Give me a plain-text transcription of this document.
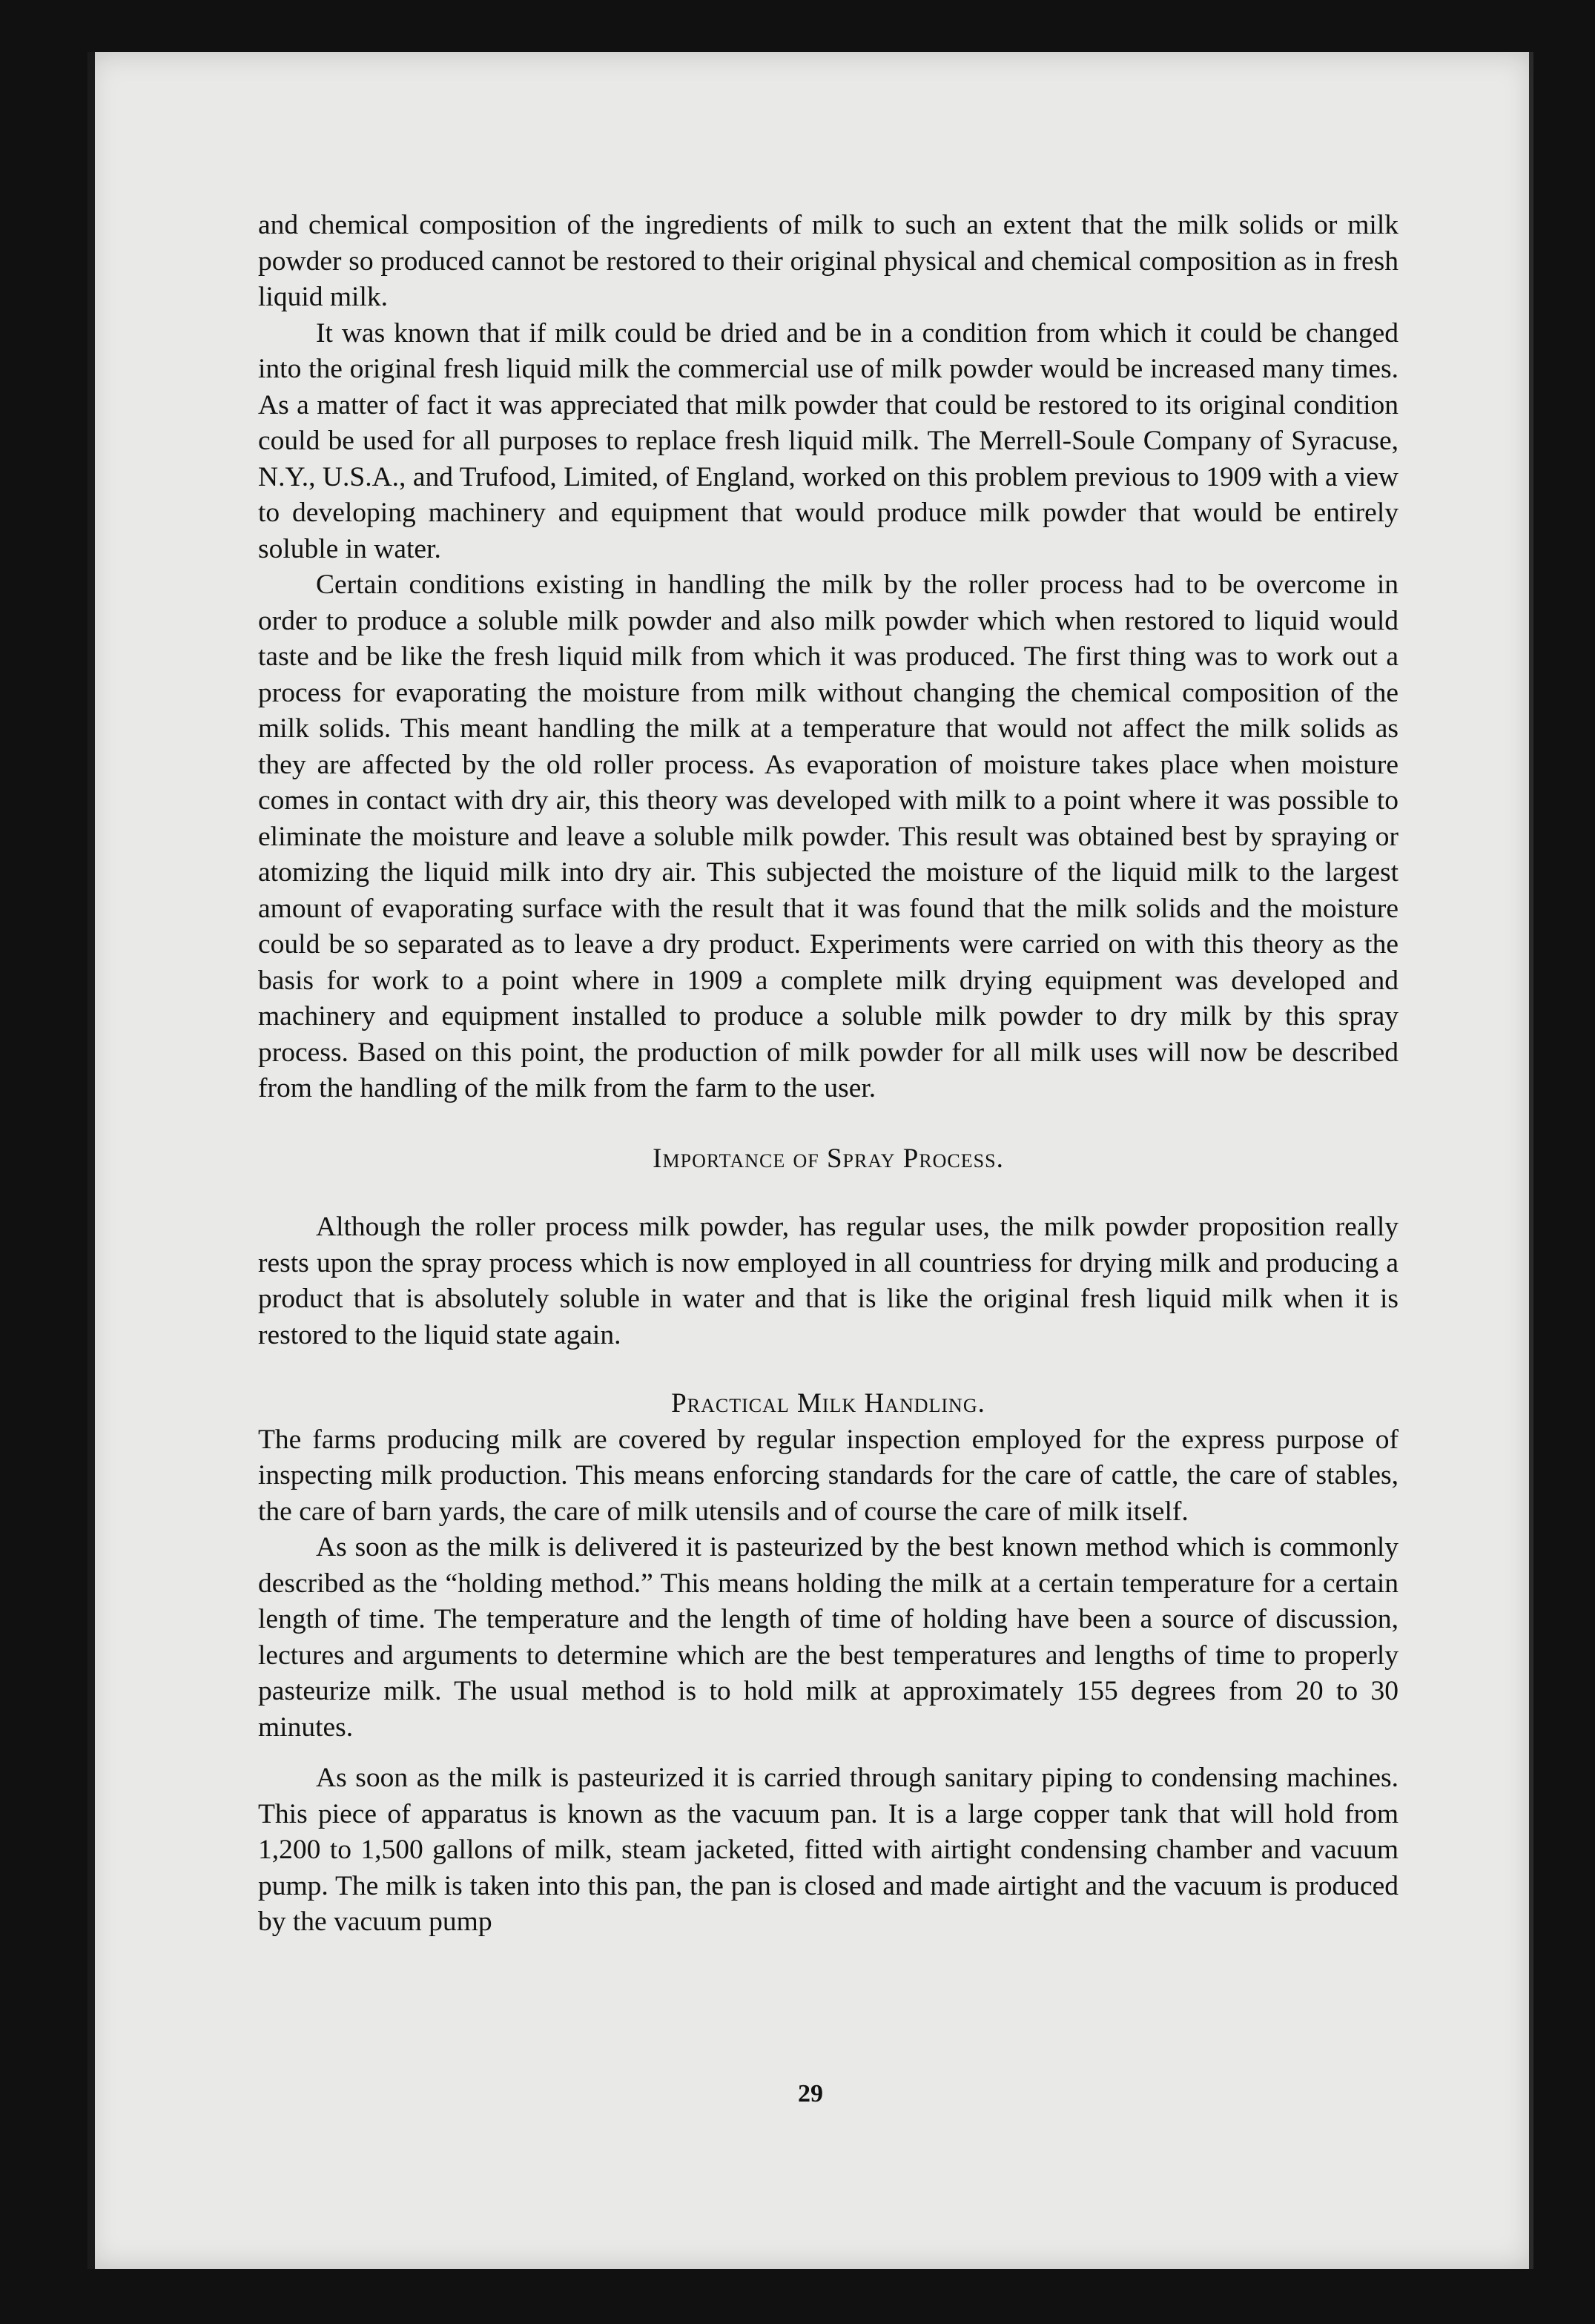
and chemical composition of the ingredients of milk to such an extent that the milk solids or milk powder so produced cannot be restored to their original physical and chemical composition as in fresh liquid milk.

It was known that if milk could be dried and be in a condition from which it could be changed into the original fresh liquid milk the commercial use of milk powder would be increased many times. As a matter of fact it was appreciated that milk powder that could be restored to its original condition could be used for all purposes to replace fresh liquid milk. The Merrell-Soule Company of Syracuse, N.Y., U.S.A., and Trufood, Limited, of England, worked on this problem previous to 1909 with a view to developing machinery and equipment that would produce milk powder that would be entirely soluble in water.

Certain conditions existing in handling the milk by the roller process had to be overcome in order to produce a soluble milk powder and also milk powder which when restored to liquid would taste and be like the fresh liquid milk from which it was produced. The first thing was to work out a process for evaporating the moisture from milk without changing the chemical composition of the milk solids. This meant handling the milk at a temperature that would not affect the milk solids as they are affected by the old roller process. As evaporation of moisture takes place when moisture comes in contact with dry air, this theory was developed with milk to a point where it was possible to eliminate the moisture and leave a soluble milk powder. This result was obtained best by spraying or atomizing the liquid milk into dry air. This subjected the moisture of the liquid milk to the largest amount of evaporating surface with the result that it was found that the milk solids and the moisture could be so separated as to leave a dry product. Experiments were carried on with this theory as the basis for work to a point where in 1909 a complete milk drying equipment was developed and machinery and equipment installed to produce a soluble milk powder to dry milk by this spray process. Based on this point, the production of milk powder for all milk uses will now be described from the handling of the milk from the farm to the user.

Importance of Spray Process.

Although the roller process milk powder, has regular uses, the milk powder proposition really rests upon the spray process which is now employed in all countriess for drying milk and producing a product that is absolutely soluble in water and that is like the original fresh liquid milk when it is restored to the liquid state again.

Practical Milk Handling.

The farms producing milk are covered by regular inspection employed for the express purpose of inspecting milk production. This means enforcing standards for the care of cattle, the care of stables, the care of barn yards, the care of milk utensils and of course the care of milk itself.

As soon as the milk is delivered it is pasteurized by the best known method which is commonly described as the “holding method.” This means holding the milk at a certain temperature for a certain length of time. The temperature and the length of time of holding have been a source of discussion, lectures and arguments to determine which are the best temperatures and lengths of time to properly pasteurize milk. The usual method is to hold milk at approximately 155 degrees from 20 to 30 minutes.

As soon as the milk is pasteurized it is carried through sanitary piping to condensing machines. This piece of apparatus is known as the vacuum pan. It is a large copper tank that will hold from 1,200 to 1,500 gallons of milk, steam jacketed, fitted with airtight condensing chamber and vacuum pump. The milk is taken into this pan, the pan is closed and made airtight and the vacuum is produced by the vacuum pump

29
